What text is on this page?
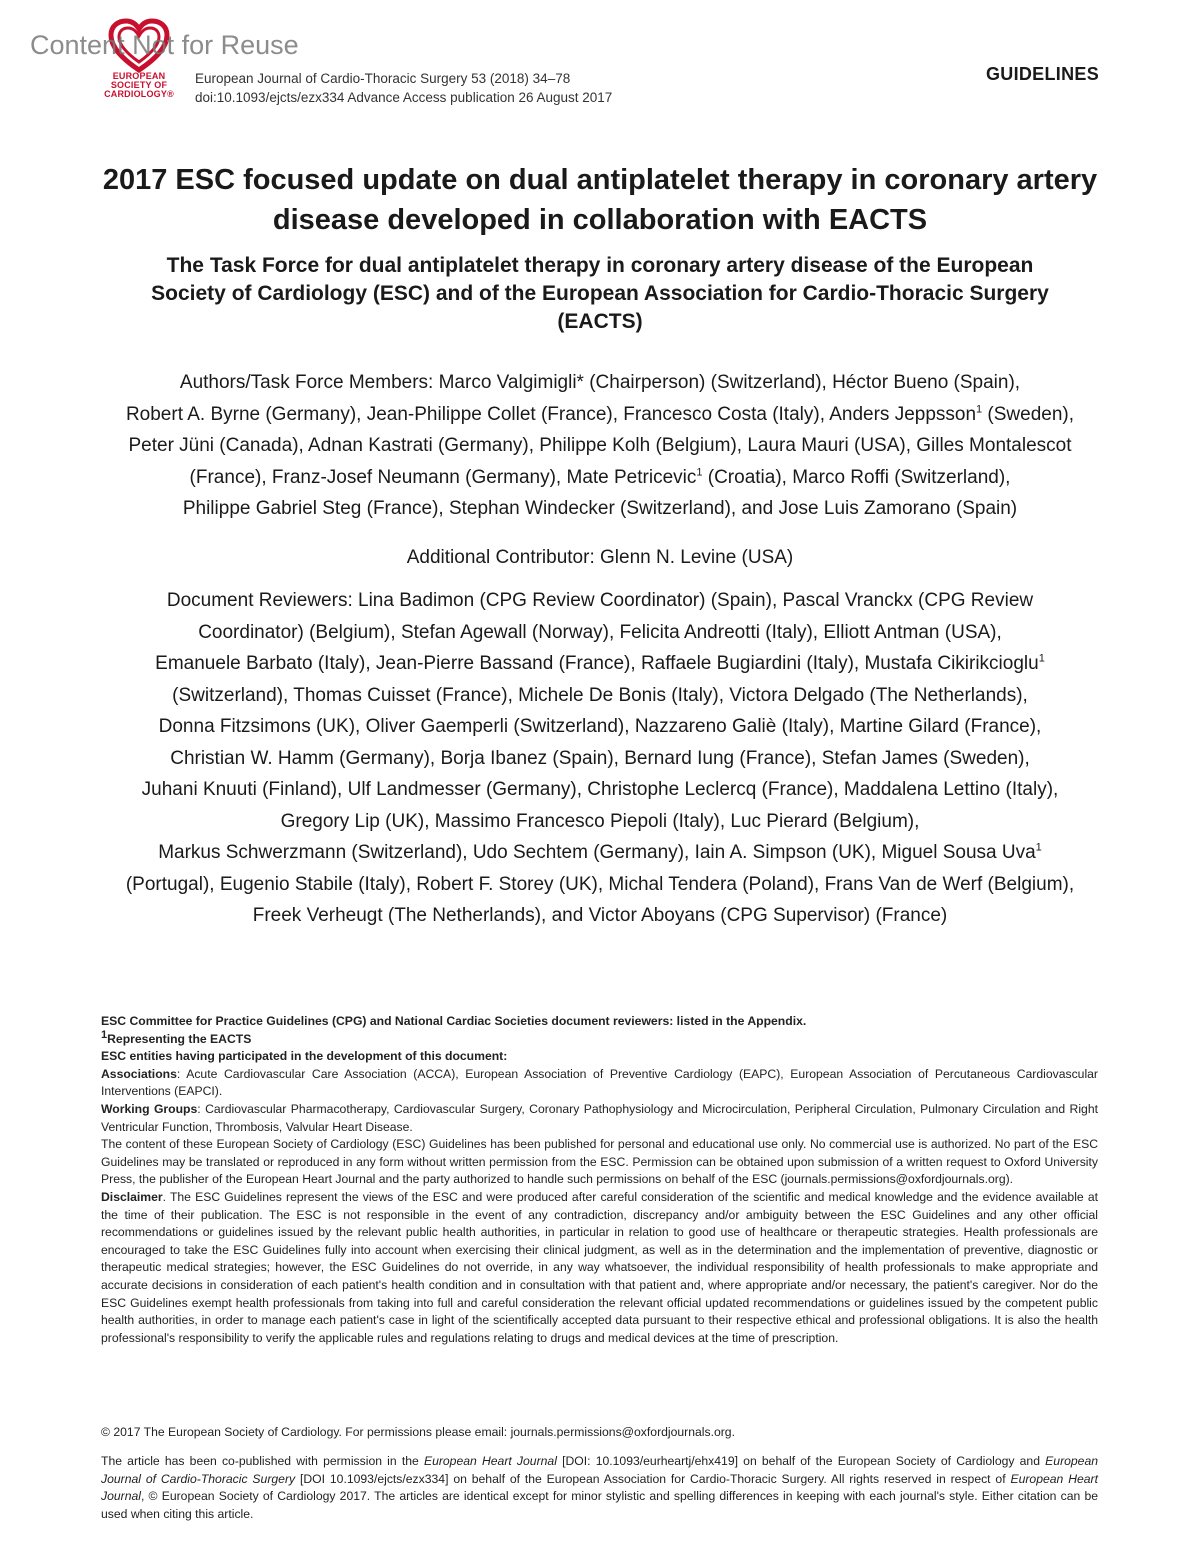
EUROPEAN
SOCIETY OF
CARDIOLOGY®
Content Not for Reuse
European Journal of Cardio-Thoracic Surgery 53 (2018) 34–78
doi:10.1093/ejcts/ezx334 Advance Access publication 26 August 2017
GUIDELINES
2017 ESC focused update on dual antiplatelet therapy in coronary artery disease developed in collaboration with EACTS
The Task Force for dual antiplatelet therapy in coronary artery disease of the European Society of Cardiology (ESC) and of the European Association for Cardio-Thoracic Surgery (EACTS)
Authors/Task Force Members: Marco Valgimigli* (Chairperson) (Switzerland), Héctor Bueno (Spain),
Robert A. Byrne (Germany), Jean-Philippe Collet (France), Francesco Costa (Italy), Anders Jeppsson$^1$ (Sweden),
Peter Jüni (Canada), Adnan Kastrati (Germany), Philippe Kolh (Belgium), Laura Mauri (USA), Gilles Montalescot
(France), Franz-Josef Neumann (Germany), Mate Petricevic$^1$ (Croatia), Marco Roffi (Switzerland),
Philippe Gabriel Steg (France), Stephan Windecker (Switzerland), and Jose Luis Zamorano (Spain)
Additional Contributor: Glenn N. Levine (USA)
Document Reviewers: Lina Badimon (CPG Review Coordinator) (Spain), Pascal Vranckx (CPG Review
Coordinator) (Belgium), Stefan Agewall (Norway), Felicita Andreotti (Italy), Elliott Antman (USA),
Emanuele Barbato (Italy), Jean-Pierre Bassand (France), Raffaele Bugiardini (Italy), Mustafa Cikirikcioglu$^1$
(Switzerland), Thomas Cuisset (France), Michele De Bonis (Italy), Victora Delgado (The Netherlands),
Donna Fitzsimons (UK), Oliver Gaemperli (Switzerland), Nazzareno Galiè (Italy), Martine Gilard (France),
Christian W. Hamm (Germany), Borja Ibanez (Spain), Bernard Iung (France), Stefan James (Sweden),
Juhani Knuuti (Finland), Ulf Landmesser (Germany), Christophe Leclercq (France), Maddalena Lettino (Italy),
Gregory Lip (UK), Massimo Francesco Piepoli (Italy), Luc Pierard (Belgium),
Markus Schwerzmann (Switzerland), Udo Sechtem (Germany), Iain A. Simpson (UK), Miguel Sousa Uva$^1$
(Portugal), Eugenio Stabile (Italy), Robert F. Storey (UK), Michal Tendera (Poland), Frans Van de Werf (Belgium),
Freek Verheugt (The Netherlands), and Victor Aboyans (CPG Supervisor) (France)

ESC Committee for Practice Guidelines (CPG) and National Cardiac Societies document reviewers: listed in the Appendix.

$^1$Representing the EACTS

ESC entities having participated in the development of this document:

Associations: Acute Cardiovascular Care Association (ACCA), European Association of Preventive Cardiology (EAPC), European Association of Percutaneous Cardiovascular Interventions (EAPCI).

Working Groups: Cardiovascular Pharmacotherapy, Cardiovascular Surgery, Coronary Pathophysiology and Microcirculation, Peripheral Circulation, Pulmonary Circulation and Right Ventricular Function, Thrombosis, Valvular Heart Disease.

The content of these European Society of Cardiology (ESC) Guidelines has been published for personal and educational use only. No commercial use is authorized. No part of the ESC Guidelines may be translated or reproduced in any form without written permission from the ESC. Permission can be obtained upon submission of a written request to Oxford University Press, the publisher of the European Heart Journal and the party authorized to handle such permissions on behalf of the ESC (journals.permissions@oxfordjournals.org).

Disclaimer. The ESC Guidelines represent the views of the ESC and were produced after careful consideration of the scientific and medical knowledge and the evidence available at the time of their publication. The ESC is not responsible in the event of any contradiction, discrepancy and/or ambiguity between the ESC Guidelines and any other official recommendations or guidelines issued by the relevant public health authorities, in particular in relation to good use of healthcare or therapeutic strategies. Health professionals are encouraged to take the ESC Guidelines fully into account when exercising their clinical judgment, as well as in the determination and the implementation of preventive, diagnostic or therapeutic medical strategies; however, the ESC Guidelines do not override, in any way whatsoever, the individual responsibility of health professionals to make appropriate and accurate decisions in consideration of each patient's health condition and in consultation with that patient and, where appropriate and/or necessary, the patient's caregiver. Nor do the ESC Guidelines exempt health professionals from taking into full and careful consideration the relevant official updated recommendations or guidelines issued by the competent public health authorities, in order to manage each patient's case in light of the scientifically accepted data pursuant to their respective ethical and professional obligations. It is also the health professional's responsibility to verify the applicable rules and regulations relating to drugs and medical devices at the time of prescription.

© 2017 The European Society of Cardiology. For permissions please email: journals.permissions@oxfordjournals.org.
The article has been co-published with permission in the European Heart Journal [DOI: 10.1093/eurheartj/ehx419] on behalf of the European Society of Cardiology and European Journal of Cardio-Thoracic Surgery [DOI 10.1093/ejcts/ezx334] on behalf of the European Association for Cardio-Thoracic Surgery. All rights reserved in respect of European Heart Journal, © European Society of Cardiology 2017. The articles are identical except for minor stylistic and spelling differences in keeping with each journal's style. Either citation can be used when citing this article.
